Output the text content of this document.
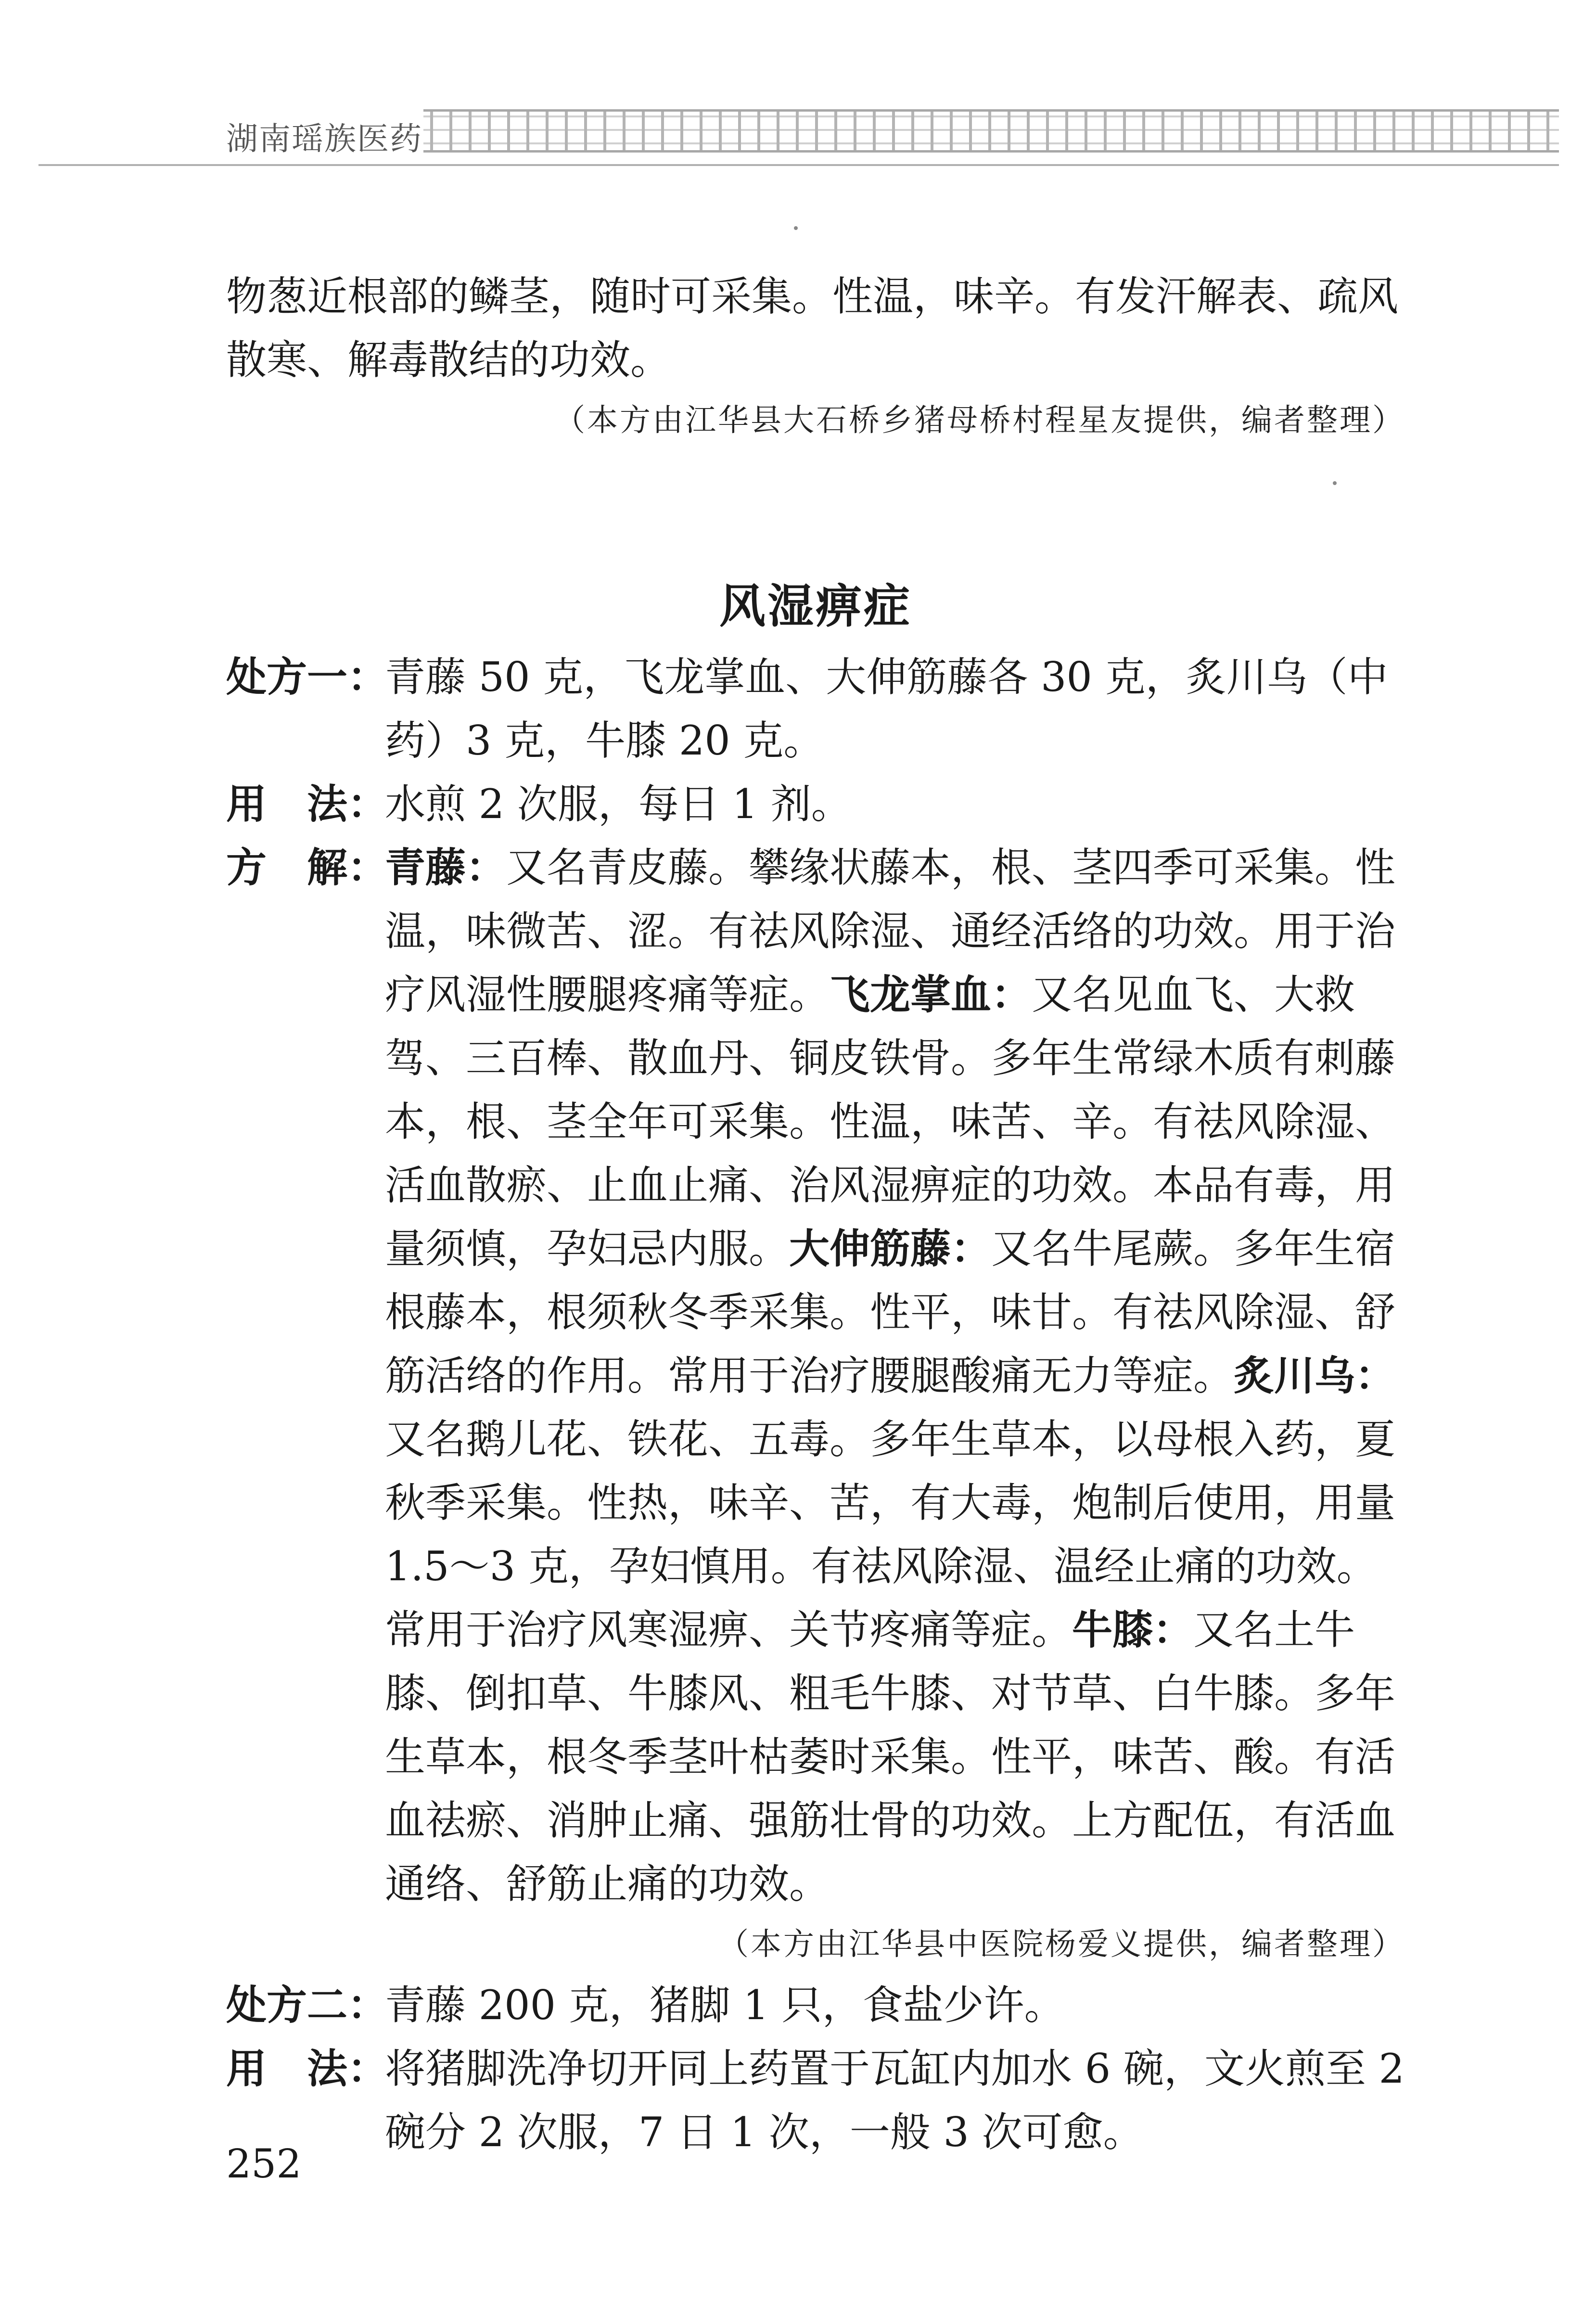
湖南瑶族医药

物葱近根部的鳞茎，随时可采集。性温，味辛。有发汗解表、疏风散寒、解毒散结的功效。

（本方由江华县大石桥乡猪母桥村程星友提供，编者整理）

风湿痹症
处方一：
青藤 50 克，飞龙掌血、大伸筋藤各 30 克，炙川乌（中药）3 克，牛膝 20 克。
用　法：
水煎 2 次服，每日 1 剂。
方　解：
青藤：又名青皮藤。攀缘状藤本，根、茎四季可采集。性温，味微苦、涩。有祛风除湿、通经活络的功效。用于治疗风湿性腰腿疼痛等症。飞龙掌血：又名见血飞、大救驾、三百棒、散血丹、铜皮铁骨。多年生常绿木质有刺藤本，根、茎全年可采集。性温，味苦、辛。有祛风除湿、活血散瘀、止血止痛、治风湿痹症的功效。本品有毒，用量须慎，孕妇忌内服。大伸筋藤：又名牛尾蕨。多年生宿根藤本，根须秋冬季采集。性平，味甘。有祛风除湿、舒筋活络的作用。常用于治疗腰腿酸痛无力等症。炙川乌：又名鹅儿花、铁花、五毒。多年生草本，以母根入药，夏秋季采集。性热，味辛、苦，有大毒，炮制后使用，用量 1.5～3 克，孕妇慎用。有祛风除湿、温经止痛的功效。常用于治疗风寒湿痹、关节疼痛等症。牛膝：又名土牛膝、倒扣草、牛膝风、粗毛牛膝、对节草、白牛膝。多年生草本，根冬季茎叶枯萎时采集。性平，味苦、酸。有活血祛瘀、消肿止痛、强筋壮骨的功效。上方配伍，有活血通络、舒筋止痛的功效。

（本方由江华县中医院杨爱义提供，编者整理）

处方二：
青藤 200 克，猪脚 1 只，食盐少许。
用　法：
将猪脚洗净切开同上药置于瓦缸内加水 6 碗，文火煎至 2 碗分 2 次服，7 日 1 次，一般 3 次可愈。
252
